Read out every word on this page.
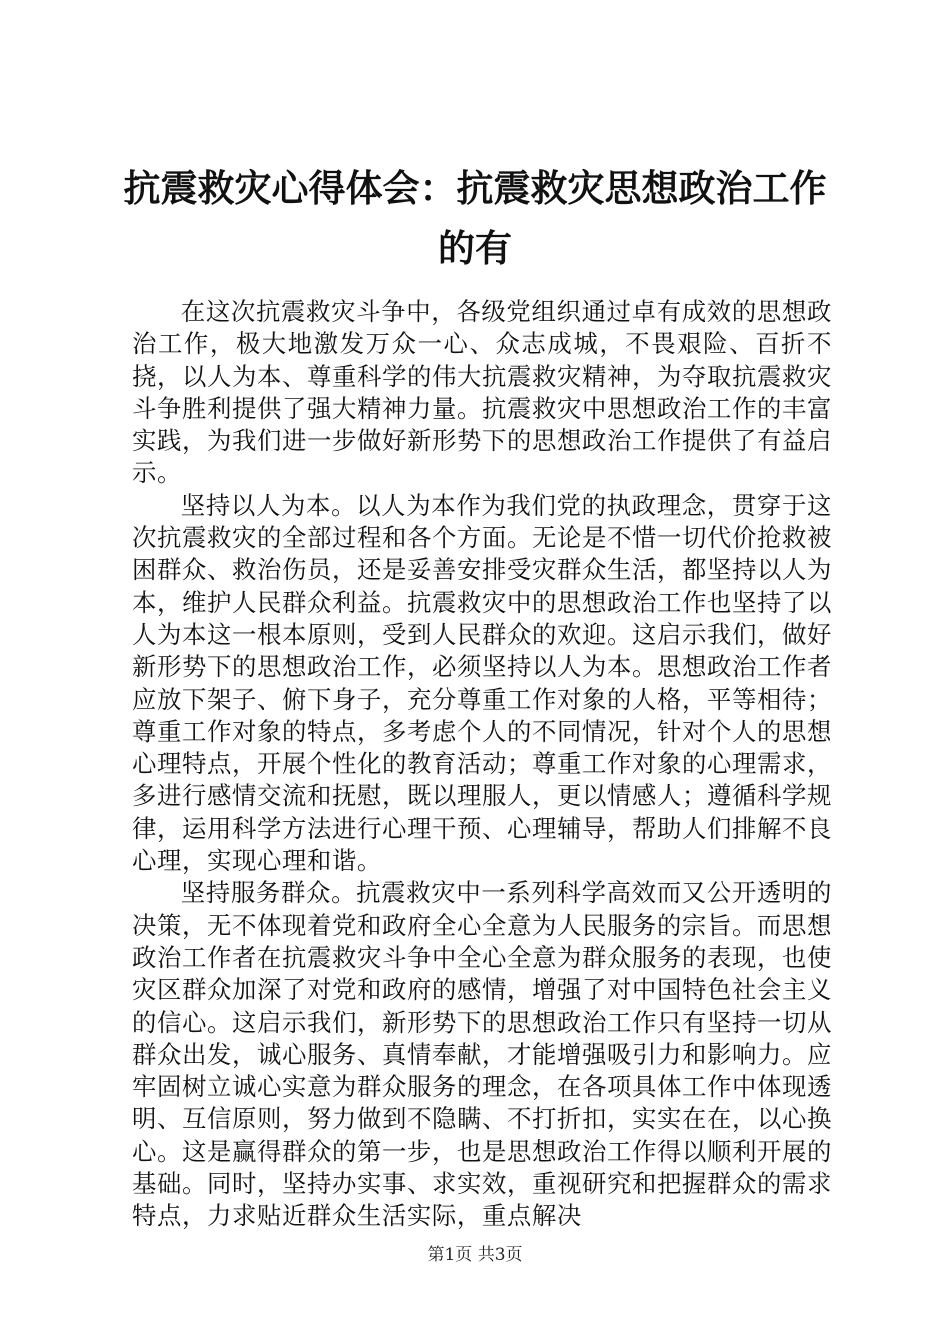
抗震救灾心得体会：抗震救灾思想政治工作的有

在这次抗震救灾斗争中，各级党组织通过卓有成效的思想政治工作，极大地激发万众一心、众志成城，不畏艰险、百折不挠，以人为本、尊重科学的伟大抗震救灾精神，为夺取抗震救灾斗争胜利提供了强大精神力量。抗震救灾中思想政治工作的丰富实践，为我们进一步做好新形势下的思想政治工作提供了有益启示。

坚持以人为本。以人为本作为我们党的执政理念，贯穿于这次抗震救灾的全部过程和各个方面。无论是不惜一切代价抢救被困群众、救治伤员，还是妥善安排受灾群众生活，都坚持以人为本，维护人民群众利益。抗震救灾中的思想政治工作也坚持了以人为本这一根本原则，受到人民群众的欢迎。这启示我们，做好新形势下的思想政治工作，必须坚持以人为本。思想政治工作者应放下架子、俯下身子，充分尊重工作对象的人格，平等相待；尊重工作对象的特点，多考虑个人的不同情况，针对个人的思想心理特点，开展个性化的教育活动；尊重工作对象的心理需求，多进行感情交流和抚慰，既以理服人，更以情感人；遵循科学规律，运用科学方法进行心理干预、心理辅导，帮助人们排解不良心理，实现心理和谐。

坚持服务群众。抗震救灾中一系列科学高效而又公开透明的决策，无不体现着党和政府全心全意为人民服务的宗旨。而思想政治工作者在抗震救灾斗争中全心全意为群众服务的表现，也使灾区群众加深了对党和政府的感情，增强了对中国特色社会主义的信心。这启示我们，新形势下的思想政治工作只有坚持一切从群众出发，诚心服务、真情奉献，才能增强吸引力和影响力。应牢固树立诚心实意为群众服务的理念，在各项具体工作中体现透明、互信原则，努力做到不隐瞒、不打折扣，实实在在，以心换心。这是赢得群众的第一步，也是思想政治工作得以顺利开展的基础。同时，坚持办实事、求实效，重视研究和把握群众的需求特点，力求贴近群众生活实际，重点解决

第1页 共3页
